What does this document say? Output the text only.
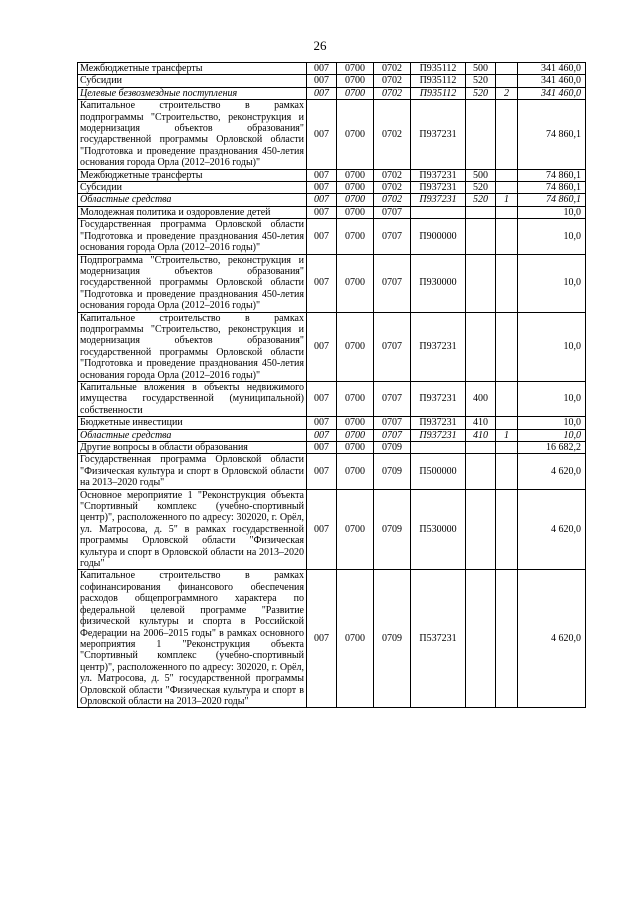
26
Межбюджетные трансферты	007	0700	0702	П935112	500		341 460,0
Субсидии	007	0700	0702	П935112	520		341 460,0
Целевые безвозмездные поступления	007	0700	0702	П935112	520	2	341 460,0
Капитальное строительство в рамках подпрограммы "Строительство, реконструкция и модернизация объектов образования" государственной программы Орловской области "Подготовка и проведение празднования 450-летия основания города Орла (2012–2016 годы)"	007	0700	0702	П937231			74 860,1
Межбюджетные трансферты	007	0700	0702	П937231	500		74 860,1
Субсидии	007	0700	0702	П937231	520		74 860,1
Областные средства	007	0700	0702	П937231	520	1	74 860,1
Молодежная политика и оздоровление детей	007	0700	0707				10,0
Государственная программа Орловской области "Подготовка и проведение празднования 450-летия основания города Орла (2012–2016 годы)"	007	0700	0707	П900000			10,0
Подпрограмма "Строительство, реконструкция и модернизация объектов образования" государственной программы Орловской области "Подготовка и проведение празднования 450-летия основания города Орла (2012–2016 годы)"	007	0700	0707	П930000			10,0
Капитальное строительство в рамках подпрограммы "Строительство, реконструкция и модернизация объектов образования" государственной программы Орловской области "Подготовка и проведение празднования 450-летия основания города Орла (2012–2016 годы)"	007	0700	0707	П937231			10,0
Капитальные вложения в объекты недвижимого имущества государственной (муниципальной) собственности	007	0700	0707	П937231	400		10,0
Бюджетные инвестиции	007	0700	0707	П937231	410		10,0
Областные средства	007	0700	0707	П937231	410	1	10,0
Другие вопросы в области образования	007	0700	0709				16 682,2
Государственная программа Орловской области "Физическая культура и спорт в Орловской области на 2013–2020 годы"	007	0700	0709	П500000			4 620,0
Основное мероприятие 1 "Реконструкция объекта "Спортивный комплекс (учебно-спортивный центр)", расположенного по адресу: 302020, г. Орёл, ул. Матросова, д. 5" в рамках государственной программы Орловской области "Физическая культура и спорт в Орловской области на 2013–2020 годы"	007	0700	0709	П530000			4 620,0
Капитальное строительство в рамках софинансирования финансового обеспечения расходов общепрограммного характера по федеральной целевой программе "Развитие физической культуры и спорта в Российской Федерации на 2006–2015 годы" в рамках основного мероприятия 1 "Реконструкция объекта "Спортивный комплекс (учебно-спортивный центр)", расположенного по адресу: 302020, г. Орёл, ул. Матросова, д. 5" государственной программы Орловской области "Физическая культура и спорт в Орловской области на 2013–2020 годы"	007	0700	0709	П537231			4 620,0
